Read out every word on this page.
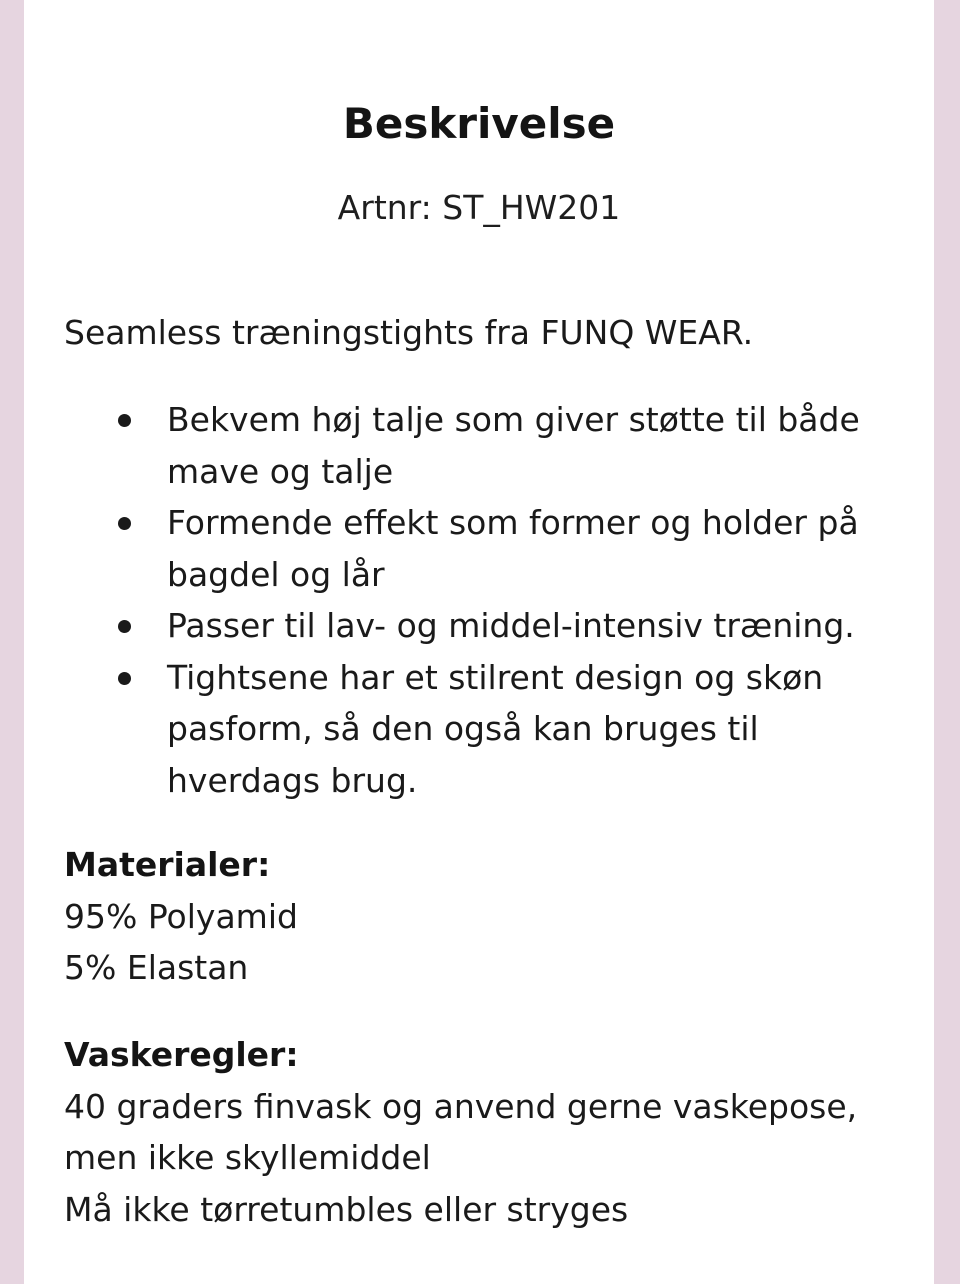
Beskrivelse
Artnr: ST_HW201

Seamless træningstights fra FUNQ WEAR.

Bekvem høj talje som giver støtte til både mave og talje
Formende effekt som former og holder på bagdel og lår
Passer til lav- og middel-intensiv træning.
Tightsene har et stilrent design og skøn pasform, så den også kan bruges til hverdags brug.
Materialer:
95% Polyamid
5% Elastan
Vaskeregler:
40 graders finvask og anvend gerne vaskepose, men ikke skyllemiddel
Må ikke tørretumbles eller stryges
